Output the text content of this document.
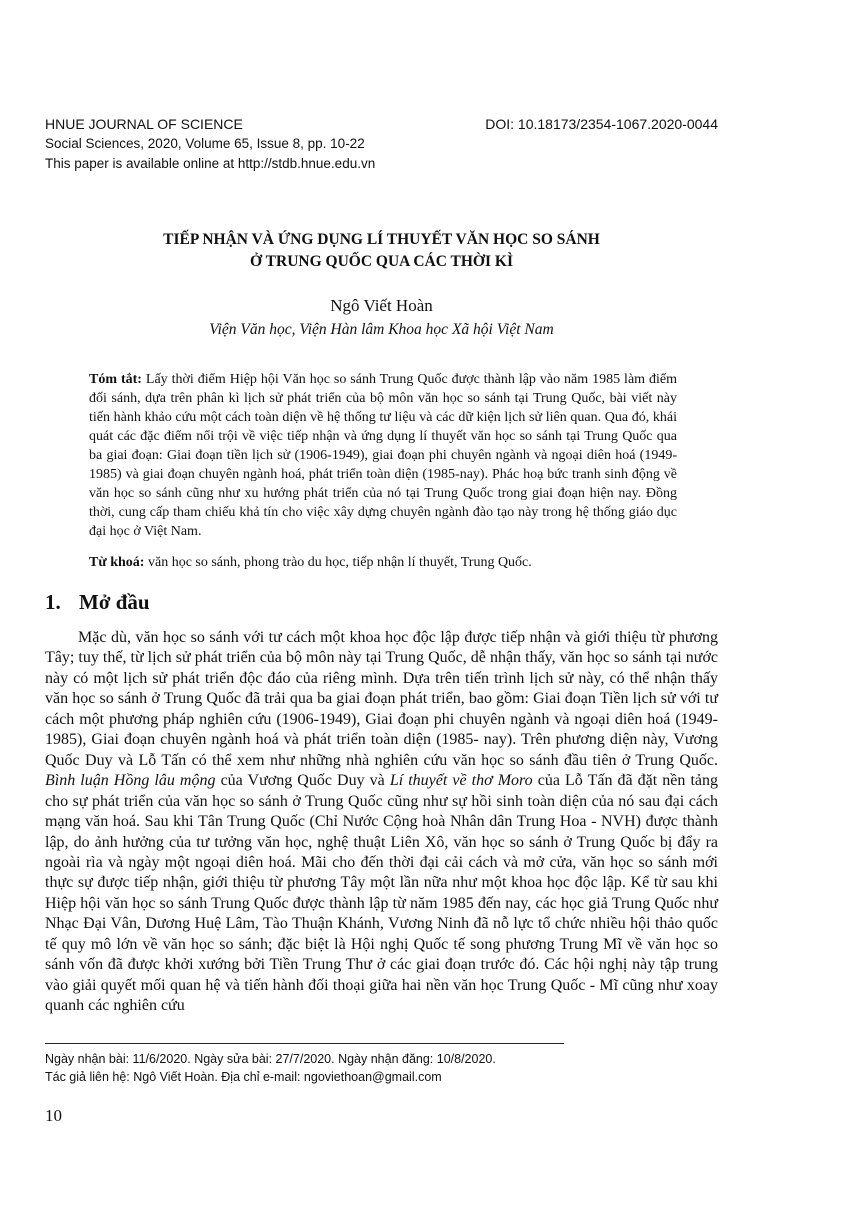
HNUE JOURNAL OF SCIENCE	DOI: 10.18173/2354-1067.2020-0044
Social Sciences, 2020, Volume 65, Issue 8, pp. 10-22
This paper is available online at http://stdb.hnue.edu.vn
TIẾP NHẬN VÀ ỨNG DỤNG LÍ THUYẾT VĂN HỌC SO SÁNH
Ở TRUNG QUỐC QUA CÁC THỜI KÌ
Ngô Viết Hoàn
Viện Văn học, Viện Hàn lâm Khoa học Xã hội Việt Nam
Tóm tắt: Lấy thời điểm Hiệp hội Văn học so sánh Trung Quốc được thành lập vào năm 1985 làm điểm đối sánh, dựa trên phân kì lịch sử phát triển của bộ môn văn học so sánh tại Trung Quốc, bài viết này tiến hành khảo cứu một cách toàn diện về hệ thống tư liệu và các dữ kiện lịch sử liên quan. Qua đó, khái quát các đặc điểm nổi trội về việc tiếp nhận và ứng dụng lí thuyết văn học so sánh tại Trung Quốc qua ba giai đoạn: Giai đoạn tiền lịch sử (1906-1949), giai đoạn phi chuyên ngành và ngoại diên hoá (1949-1985) và giai đoạn chuyên ngành hoá, phát triển toàn diện (1985-nay). Phác hoạ bức tranh sinh động về văn học so sánh cũng như xu hướng phát triển của nó tại Trung Quốc trong giai đoạn hiện nay. Đồng thời, cung cấp tham chiếu khả tín cho việc xây dựng chuyên ngành đào tạo này trong hệ thống giáo dục đại học ở Việt Nam.
Từ khoá: văn học so sánh, phong trào du học, tiếp nhận lí thuyết, Trung Quốc.
1. Mở đầu
Mặc dù, văn học so sánh với tư cách một khoa học độc lập được tiếp nhận và giới thiệu từ phương Tây; tuy thế, từ lịch sử phát triển của bộ môn này tại Trung Quốc, dễ nhận thấy, văn học so sánh tại nước này có một lịch sử phát triển độc đáo của riêng mình. Dựa trên tiến trình lịch sử này, có thể nhận thấy văn học so sánh ở Trung Quốc đã trải qua ba giai đoạn phát triển, bao gồm: Giai đoạn Tiền lịch sử với tư cách một phương pháp nghiên cứu (1906-1949), Giai đoạn phi chuyên ngành và ngoại diên hoá (1949-1985), Giai đoạn chuyên ngành hoá và phát triển toàn diện (1985- nay). Trên phương diện này, Vương Quốc Duy và Lỗ Tấn có thể xem như những nhà nghiên cứu văn học so sánh đầu tiên ở Trung Quốc. Bình luận Hồng lâu mộng của Vương Quốc Duy và Lí thuyết về thơ Moro của Lỗ Tấn đã đặt nền tảng cho sự phát triển của văn học so sánh ở Trung Quốc cũng như sự hồi sinh toàn diện của nó sau đại cách mạng văn hoá. Sau khi Tân Trung Quốc (Chỉ Nước Cộng hoà Nhân dân Trung Hoa - NVH) được thành lập, do ảnh hưởng của tư tưởng văn học, nghệ thuật Liên Xô, văn học so sánh ở Trung Quốc bị đẩy ra ngoài rìa và ngày một ngoại diên hoá. Mãi cho đến thời đại cải cách và mở cửa, văn học so sánh mới thực sự được tiếp nhận, giới thiệu từ phương Tây một lần nữa như một khoa học độc lập. Kể từ sau khi Hiệp hội văn học so sánh Trung Quốc được thành lập từ năm 1985 đến nay, các học giả Trung Quốc như Nhạc Đại Vân, Dương Huệ Lâm, Tào Thuận Khánh, Vương Ninh đã nỗ lực tổ chức nhiều hội thảo quốc tế quy mô lớn về văn học so sánh; đặc biệt là Hội nghị Quốc tế song phương Trung Mĩ về văn học so sánh vốn đã được khởi xướng bởi Tiền Trung Thư ở các giai đoạn trước đó. Các hội nghị này tập trung vào giải quyết mối quan hệ và tiến hành đối thoại giữa hai nền văn học Trung Quốc - Mĩ cũng như xoay quanh các nghiên cứu
Ngày nhận bài: 11/6/2020. Ngày sửa bài: 27/7/2020. Ngày nhận đăng: 10/8/2020.
Tác giả liên hệ: Ngô Viết Hoàn. Địa chỉ e-mail: ngoviethoan@gmail.com
10
